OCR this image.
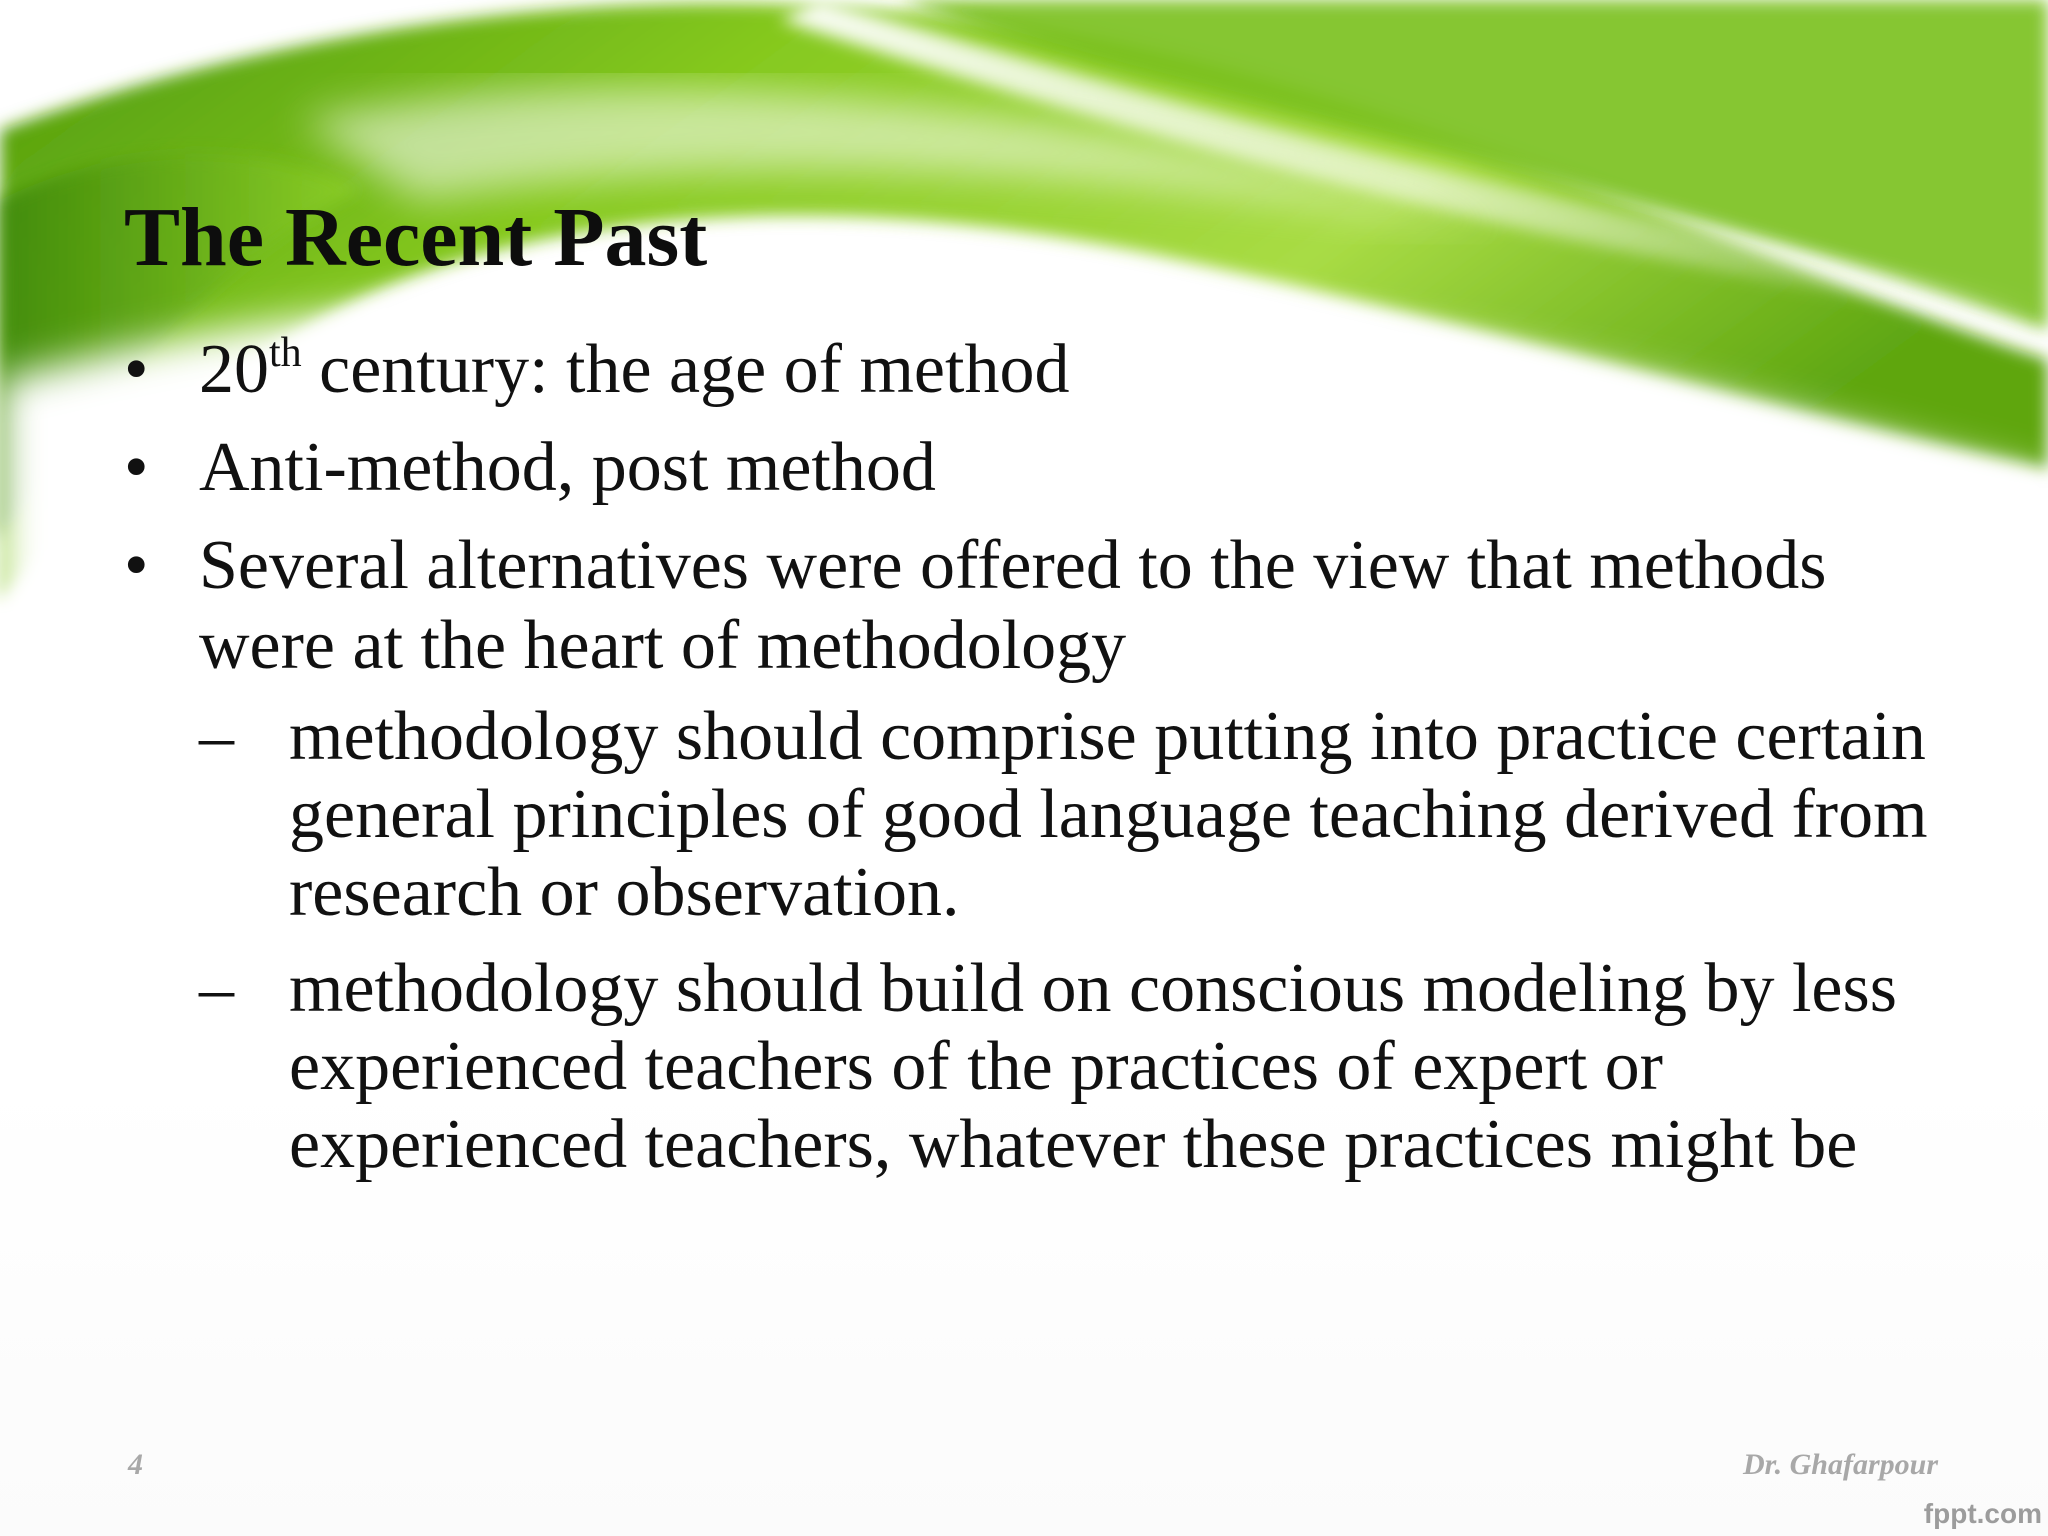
The Recent Past
• 20th century: the age of method
• Anti-method, post method
• Several alternatives were offered to the view that methods were at the heart of methodology
– methodology should comprise putting into practice certain general principles of good language teaching derived from research or observation.
– methodology should build on conscious modeling by less experienced teachers of the practices of expert or experienced teachers, whatever these practices might be
4	Dr. Ghafarpour
fppt.com
